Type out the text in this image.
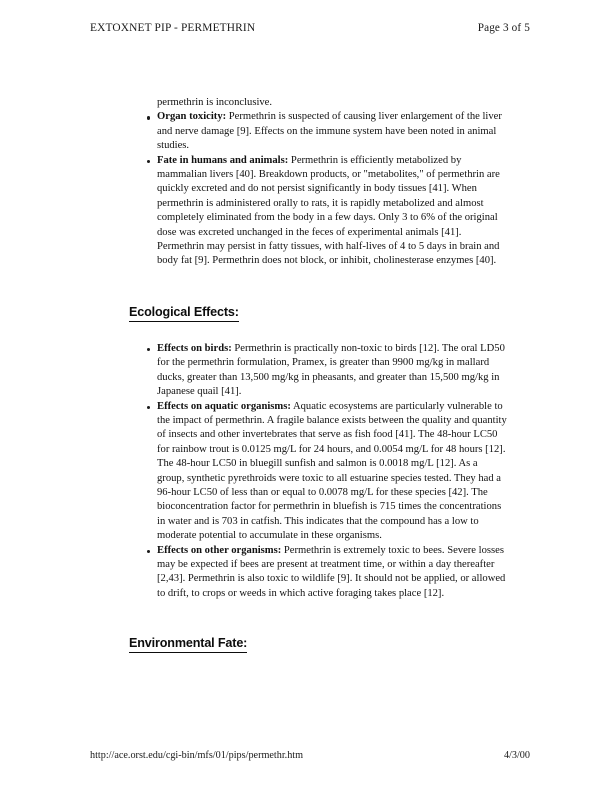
EXTOXNET PIP - PERMETHRIN	Page 3 of 5

permethrin is inconclusive.

Organ toxicity: Permethrin is suspected of causing liver enlargement of the liver and nerve damage [9]. Effects on the immune system have been noted in animal studies.
Fate in humans and animals: Permethrin is efficiently metabolized by mammalian livers [40]. Breakdown products, or "metabolites," of permethrin are quickly excreted and do not persist significantly in body tissues [41]. When permethrin is administered orally to rats, it is rapidly metabolized and almost completely eliminated from the body in a few days. Only 3 to 6% of the original dose was excreted unchanged in the feces of experimental animals [41]. Permethrin may persist in fatty tissues, with half-lives of 4 to 5 days in brain and body fat [9]. Permethrin does not block, or inhibit, cholinesterase enzymes [40].
Ecological Effects:
Effects on birds: Permethrin is practically non-toxic to birds [12]. The oral LD50 for the permethrin formulation, Pramex, is greater than 9900 mg/kg in mallard ducks, greater than 13,500 mg/kg in pheasants, and greater than 15,500 mg/kg in Japanese quail [41].
Effects on aquatic organisms: Aquatic ecosystems are particularly vulnerable to the impact of permethrin. A fragile balance exists between the quality and quantity of insects and other invertebrates that serve as fish food [41]. The 48-hour LC50 for rainbow trout is 0.0125 mg/L for 24 hours, and 0.0054 mg/L for 48 hours [12]. The 48-hour LC50 in bluegill sunfish and salmon is 0.0018 mg/L [12]. As a group, synthetic pyrethroids were toxic to all estuarine species tested. They had a 96-hour LC50 of less than or equal to 0.0078 mg/L for these species [42]. The bioconcentration factor for permethrin in bluefish is 715 times the concentrations in water and is 703 in catfish. This indicates that the compound has a low to moderate potential to accumulate in these organisms.
Effects on other organisms: Permethrin is extremely toxic to bees. Severe losses may be expected if bees are present at treatment time, or within a day thereafter [2,43]. Permethrin is also toxic to wildlife [9]. It should not be applied, or allowed to drift, to crops or weeds in which active foraging takes place [12].
Environmental Fate:
http://ace.orst.edu/cgi-bin/mfs/01/pips/permethr.htm	4/3/00
